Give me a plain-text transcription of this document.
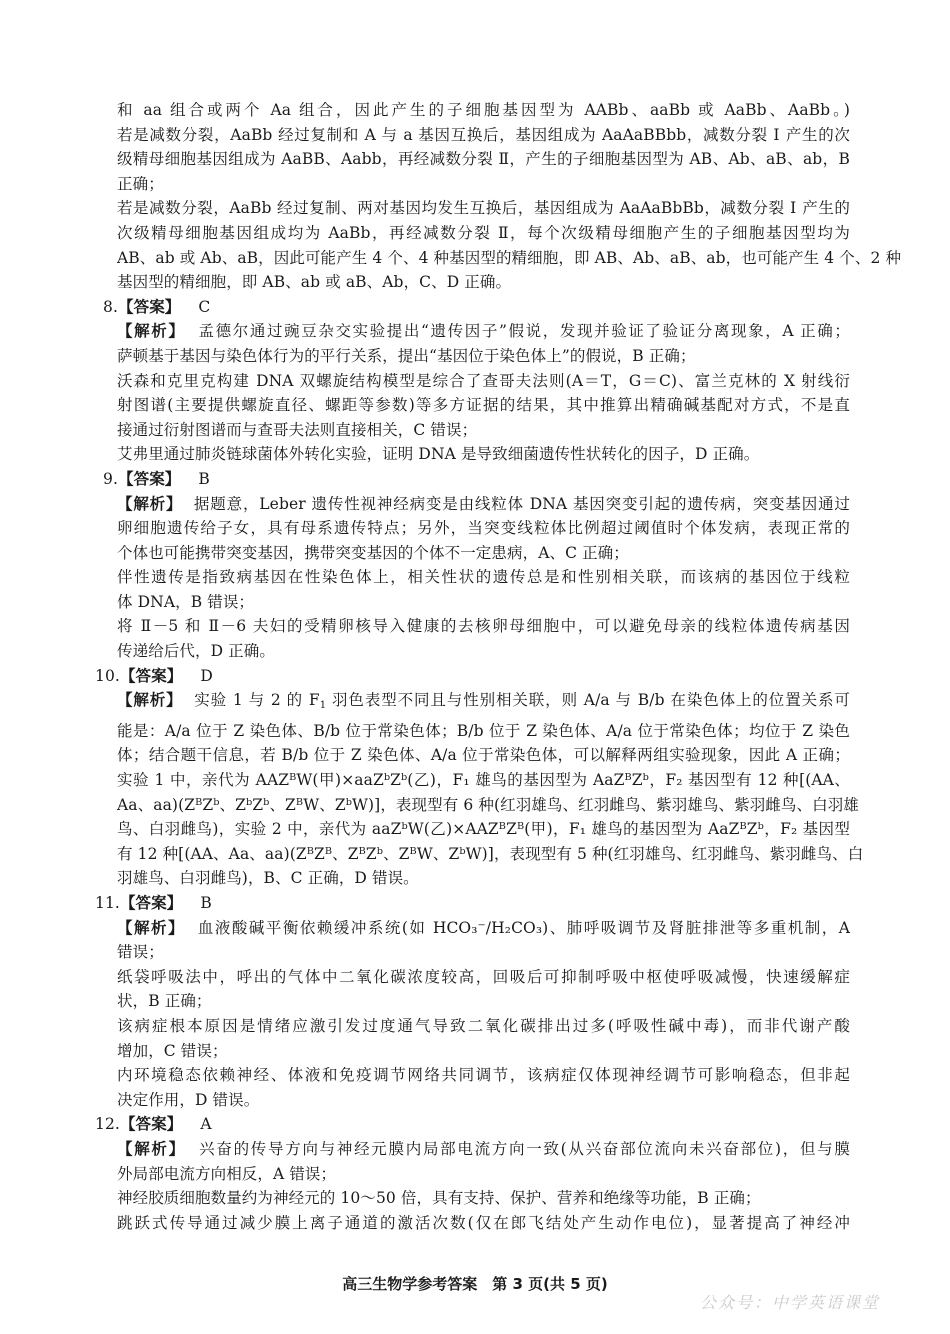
和 aa 组合或两个 Aa 组合，因此产生的子细胞基因型为 AABb、aaBb 或 AaBb、AaBb。)
若是减数分裂，AaBb 经过复制和 A 与 a 基因互换后，基因组成为 AaAaBBbb，减数分裂 Ⅰ 产生的次
级精母细胞基因组成为 AaBB、Aabb，再经减数分裂 Ⅱ，产生的子细胞基因型为 AB、Ab、aB、ab，B
正确；
若是减数分裂，AaBb 经过复制、两对基因均发生互换后，基因组成为 AaAaBbBb，减数分裂 Ⅰ 产生的
次级精母细胞基因组成均为 AaBb，再经减数分裂 Ⅱ，每个次级精母细胞产生的子细胞基因型均为
AB、ab 或 Ab、aB，因此可能产生 4 个、4 种基因型的精细胞，即 AB、Ab、aB、ab，也可能产生 4 个、2 种
基因型的精细胞，即 AB、ab 或 aB、Ab，C、D 正确。
8.【答案】 C
【解析】 孟德尔通过豌豆杂交实验提出“遗传因子”假说，发现并验证了验证分离现象，A 正确；
萨顿基于基因与染色体行为的平行关系，提出“基因位于染色体上”的假说，B 正确；
沃森和克里克构建 DNA 双螺旋结构模型是综合了查哥夫法则(A＝T，G＝C)、富兰克林的 X 射线衍
射图谱(主要提供螺旋直径、螺距等参数)等多方证据的结果，其中推算出精确碱基配对方式，不是直
接通过衍射图谱而与查哥夫法则直接相关，C 错误；
艾弗里通过肺炎链球菌体外转化实验，证明 DNA 是导致细菌遗传性状转化的因子，D 正确。
9.【答案】 B
【解析】 据题意，Leber 遗传性视神经病变是由线粒体 DNA 基因突变引起的遗传病，突变基因通过
卵细胞遗传给子女，具有母系遗传特点；另外，当突变线粒体比例超过阈值时个体发病，表现正常的
个体也可能携带突变基因，携带突变基因的个体不一定患病，A、C 正确；
伴性遗传是指致病基因在性染色体上，相关性状的遗传总是和性别相关联，而该病的基因位于线粒
体 DNA，B 错误；
将 Ⅱ－5 和 Ⅱ－6 夫妇的受精卵核导入健康的去核卵母细胞中，可以避免母亲的线粒体遗传病基因
传递给后代，D 正确。
10.【答案】 D
【解析】 实验 1 与 2 的 $F_1$ 羽色表型不同且与性别相关联，则 A/a 与 B/b 在染色体上的位置关系可
能是：A/a 位于 Z 染色体、B/b 位于常染色体；B/b 位于 Z 染色体、A/a 位于常染色体；均位于 Z 染色
体；结合题干信息，若 B/b 位于 Z 染色体、A/a 位于常染色体，可以解释两组实验现象，因此 A 正确；
实验 1 中，亲代为 AAZᴮW(甲)×aaZᵇZᵇ(乙)，F₁ 雄鸟的基因型为 AaZᴮZᵇ，F₂ 基因型有 12 种[(AA、
Aa、aa)(ZᴮZᵇ、ZᵇZᵇ、ZᴮW、ZᵇW)]，表现型有 6 种(红羽雄鸟、红羽雌鸟、紫羽雄鸟、紫羽雌鸟、白羽雄
鸟、白羽雌鸟)，实验 2 中，亲代为 aaZᵇW(乙)×AAZᴮZᴮ(甲)，F₁ 雄鸟的基因型为 AaZᴮZᵇ，F₂ 基因型
有 12 种[(AA、Aa、aa)(ZᴮZᴮ、ZᴮZᵇ、ZᴮW、ZᵇW)]，表现型有 5 种(红羽雄鸟、红羽雌鸟、紫羽雌鸟、白
羽雄鸟、白羽雌鸟)，B、C 正确，D 错误。
11.【答案】 B
【解析】 血液酸碱平衡依赖缓冲系统(如 HCO₃⁻/H₂CO₃)、肺呼吸调节及肾脏排泄等多重机制，A
错误；
纸袋呼吸法中，呼出的气体中二氧化碳浓度较高，回吸后可抑制呼吸中枢使呼吸减慢，快速缓解症
状，B 正确；
该病症根本原因是情绪应激引发过度通气导致二氧化碳排出过多(呼吸性碱中毒)，而非代谢产酸
增加，C 错误；
内环境稳态依赖神经、体液和免疫调节网络共同调节，该病症仅体现神经调节可影响稳态，但非起
决定作用，D 错误。
12.【答案】 A
【解析】 兴奋的传导方向与神经元膜内局部电流方向一致(从兴奋部位流向未兴奋部位)，但与膜
外局部电流方向相反，A 错误；
神经胶质细胞数量约为神经元的 10～50 倍，具有支持、保护、营养和绝缘等功能，B 正确；
跳跃式传导通过减少膜上离子通道的激活次数(仅在郎飞结处产生动作电位)，显著提高了神经冲
高三生物学参考答案　第 3 页(共 5 页)
公众号：中学英语课堂
